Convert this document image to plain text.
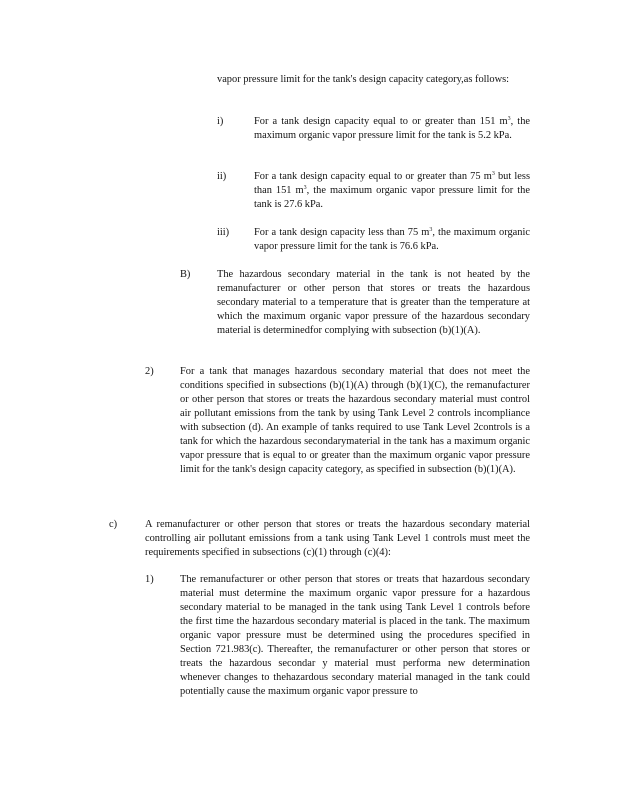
vapor pressure limit for the tank's design capacity category,as follows:
i)	For a tank design capacity equal to or greater than 151 $m^3$, the maximum organic vapor pressure limit for the tank is 5.2 kPa.
ii)	For a tank design capacity equal to or greater than 75 $m^3$ but less than 151 $m^3$, the maximum organic vapor pressure limit for the tank is 27.6 kPa.
iii) For a tank design capacity less than 75 $m^3$, the maximum organic vapor pressure limit for the tank is 76.6 kPa.
B)	The hazardous secondary material in the tank is not heated by the remanufacturer or other person that stores or treats the hazardous secondary material to a temperature that is greater than the temperature at which the maximum organic vapor pressure of the hazardous secondary material is determinedfor complying with subsection (b)(1)(A).
2)	For a tank that manages hazardous secondary material that does not meet the conditions specified in subsections (b)(1)(A) through (b)(1)(C), the remanufacturer or other person that stores or treats the hazardous secondary material must control air pollutant emissions from the tank by using Tank Level 2 controls incompliance with subsection (d). An example of tanks required to use Tank Level 2controls is a tank for which the hazardous secondarymaterial in the tank has a maximum organic vapor pressure that is equal to or greater than the maximum organic vapor pressure limit for the tank's design capacity category, as specified in subsection (b)(1)(A).
c)	A remanufacturer or other person that stores or treats the hazardous secondary material controlling air pollutant emissions from a tank using Tank Level 1 controls must meet the requirements specified in subsections (c)(1) through (c)(4):
1)	The remanufacturer or other person that stores or treats that hazardous secondary material must determine the maximum organic vapor pressure for a hazardous secondary material to be managed in the tank using Tank Level 1 controls before the first time the hazardous secondary material is placed in the tank. The maximum organic vapor pressure must be determined using the procedures specified in Section 721.983(c). Thereafter, the remanufacturer or other person that stores or treats the hazardous secondar y material must performa new determination whenever changes to thehazardous secondary material managed in the tank could potentially cause the maximum organic vapor pressure to
